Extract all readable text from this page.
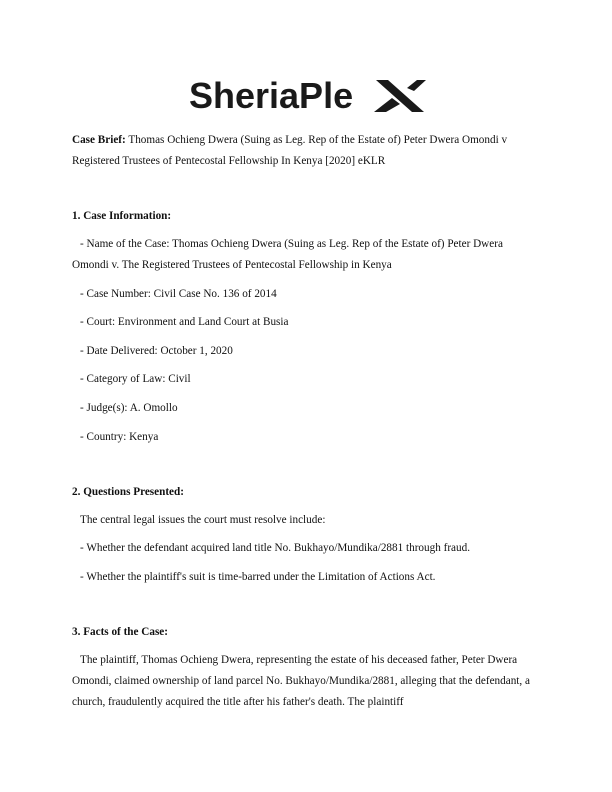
SheriaPle

Case Brief: Thomas Ochieng Dwera (Suing as Leg. Rep of the Estate of) Peter Dwera Omondi v Registered Trustees of Pentecostal Fellowship In Kenya [2020] eKLR

1. Case Information:

- Name of the Case: Thomas Ochieng Dwera (Suing as Leg. Rep of the Estate of) Peter Dwera Omondi v. The Registered Trustees of Pentecostal Fellowship in Kenya

- Case Number: Civil Case No. 136 of 2014

- Court: Environment and Land Court at Busia

- Date Delivered: October 1, 2020

- Category of Law: Civil

- Judge(s): A. Omollo

- Country: Kenya

2. Questions Presented:

The central legal issues the court must resolve include:

- Whether the defendant acquired land title No. Bukhayo/Mundika/2881 through fraud.

- Whether the plaintiff's suit is time-barred under the Limitation of Actions Act.

3. Facts of the Case:

The plaintiff, Thomas Ochieng Dwera, representing the estate of his deceased father, Peter Dwera Omondi, claimed ownership of land parcel No. Bukhayo/Mundika/2881, alleging that the defendant, a church, fraudulently acquired the title after his father's death. The plaintiff
